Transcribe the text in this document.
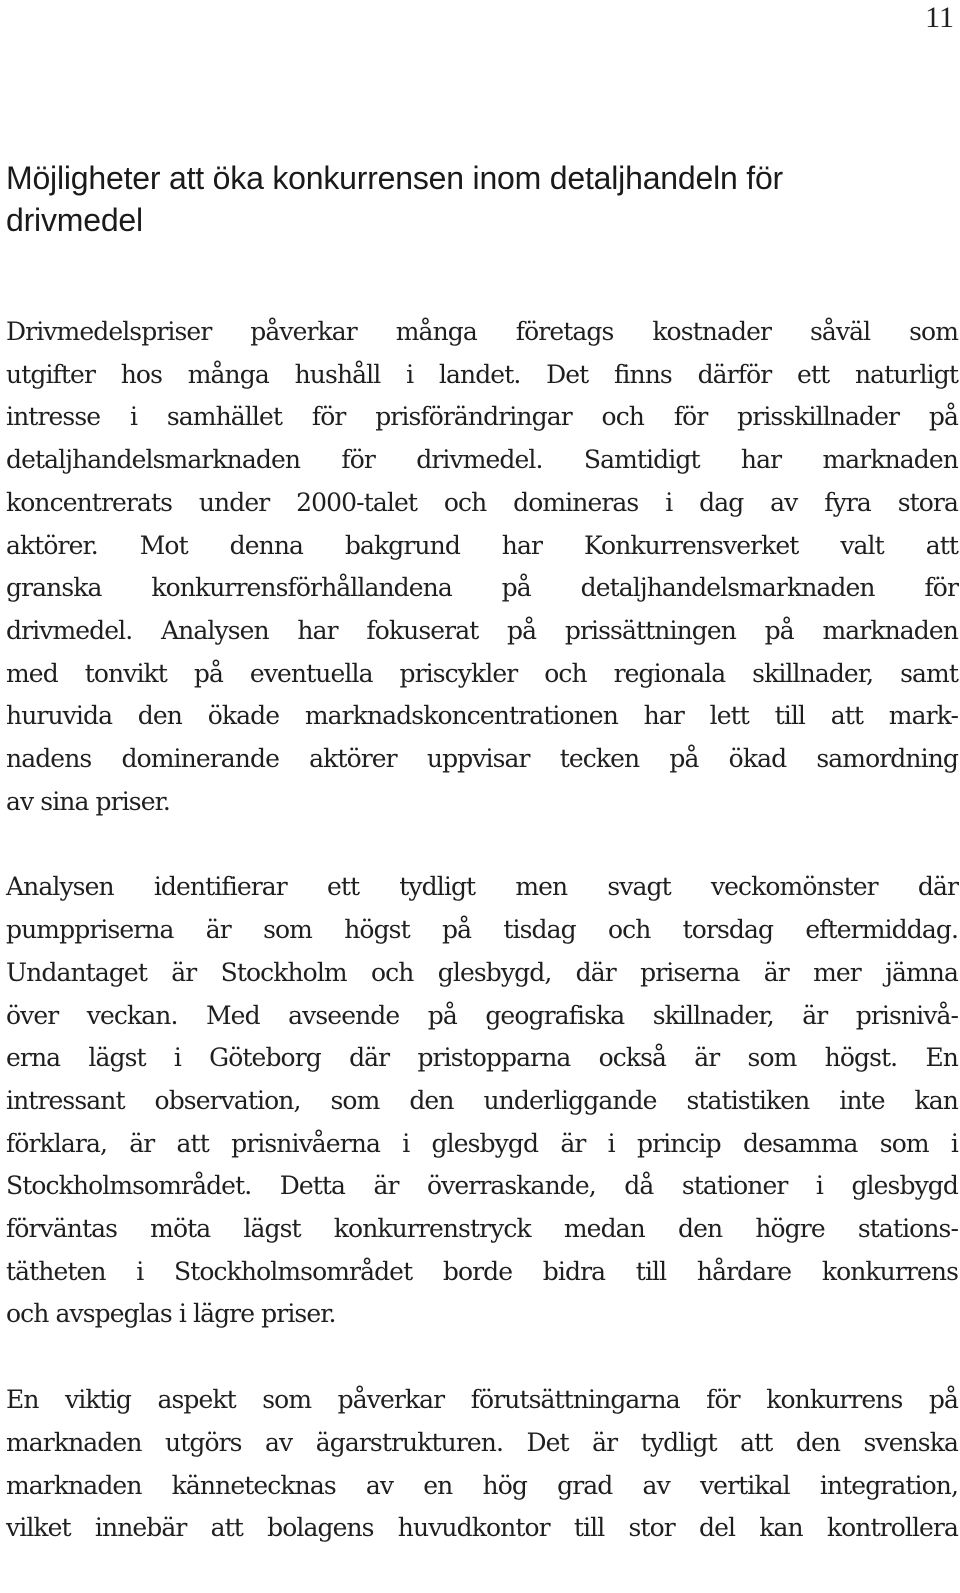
11
Möjligheter att öka konkurrensen inom detaljhandeln för
drivmedel

Drivmedelspriser påverkar många företags kostnader såväl som
utgifter hos många hushåll i landet. Det finns därför ett naturligt
intresse i samhället för prisförändringar och för prisskillnader på
detaljhandelsmarknaden för drivmedel. Samtidigt har marknaden
koncentrerats under 2000-talet och domineras i dag av fyra stora
aktörer. Mot denna bakgrund har Konkurrensverket valt att
granska konkurrensförhållandena på detaljhandelsmarknaden för
drivmedel. Analysen har fokuserat på prissättningen på marknaden
med tonvikt på eventuella priscykler och regionala skillnader, samt
huruvida den ökade marknadskoncentrationen har lett till att mark-
nadens dominerande aktörer uppvisar tecken på ökad samordning
av sina priser.

Analysen identifierar ett tydligt men svagt veckomönster där
pumppriserna är som högst på tisdag och torsdag eftermiddag.
Undantaget är Stockholm och glesbygd, där priserna är mer jämna
över veckan. Med avseende på geografiska skillnader, är prisnivå-
erna lägst i Göteborg där pristopparna också är som högst. En
intressant observation, som den underliggande statistiken inte kan
förklara, är att prisnivåerna i glesbygd är i princip desamma som i
Stockholmsområdet. Detta är överraskande, då stationer i glesbygd
förväntas möta lägst konkurrenstryck medan den högre stations-
tätheten i Stockholmsområdet borde bidra till hårdare konkurrens
och avspeglas i lägre priser.

En viktig aspekt som påverkar förutsättningarna för konkurrens på
marknaden utgörs av ägarstrukturen. Det är tydligt att den svenska
marknaden kännetecknas av en hög grad av vertikal integration,
vilket innebär att bolagens huvudkontor till stor del kan kontrollera
